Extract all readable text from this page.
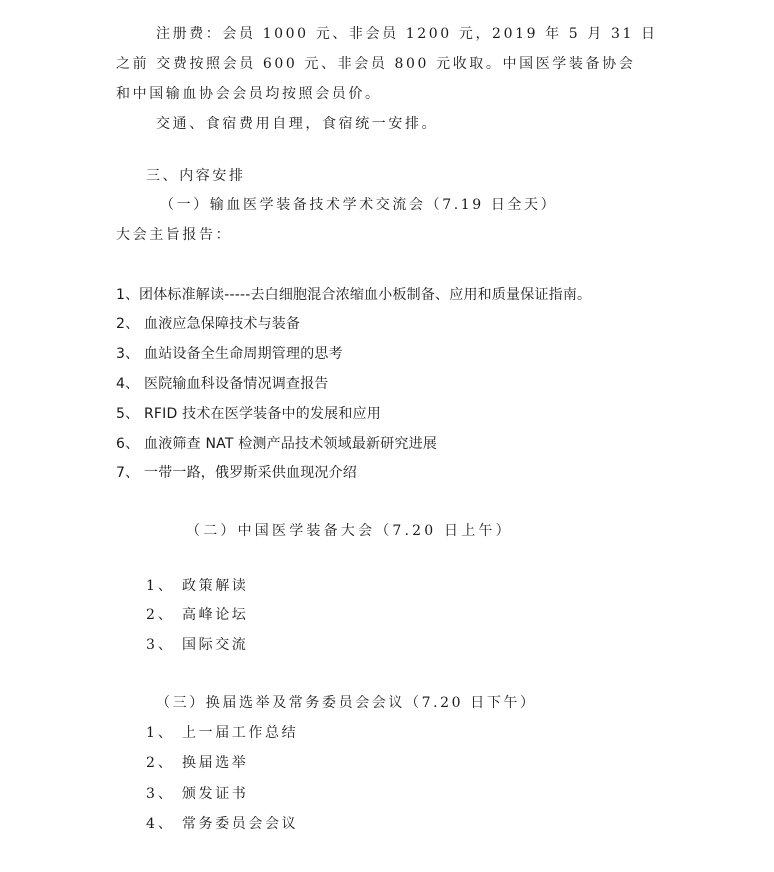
注册费：会员 1000 元、非会员 1200 元，2019 年 5 月 31 日
之前 交费按照会员 600 元、非会员 800 元收取。中国医学装备协会
和中国输血协会会员均按照会员价。
交通、食宿费用自理，食宿统一安排。
三、内容安排
（一）输血医学装备技术学术交流会（7.19 日全天）
大会主旨报告：
1、团体标准解读-----去白细胞混合浓缩血小板制备、应用和质量保证指南。
2、 血液应急保障技术与装备
3、 血站设备全生命周期管理的思考
4、 医院输血科设备情况调查报告
5、 RFID 技术在医学装备中的发展和应用
6、 血液筛查 NAT 检测产品技术领域最新研究进展
7、 一带一路，俄罗斯采供血现况介绍
（二）中国医学装备大会（7.20 日上午）
1、 政策解读
2、 高峰论坛
3、 国际交流
（三）换届选举及常务委员会会议（7.20 日下午）
1、 上一届工作总结
2、 换届选举
3、 颁发证书
4、 常务委员会会议
